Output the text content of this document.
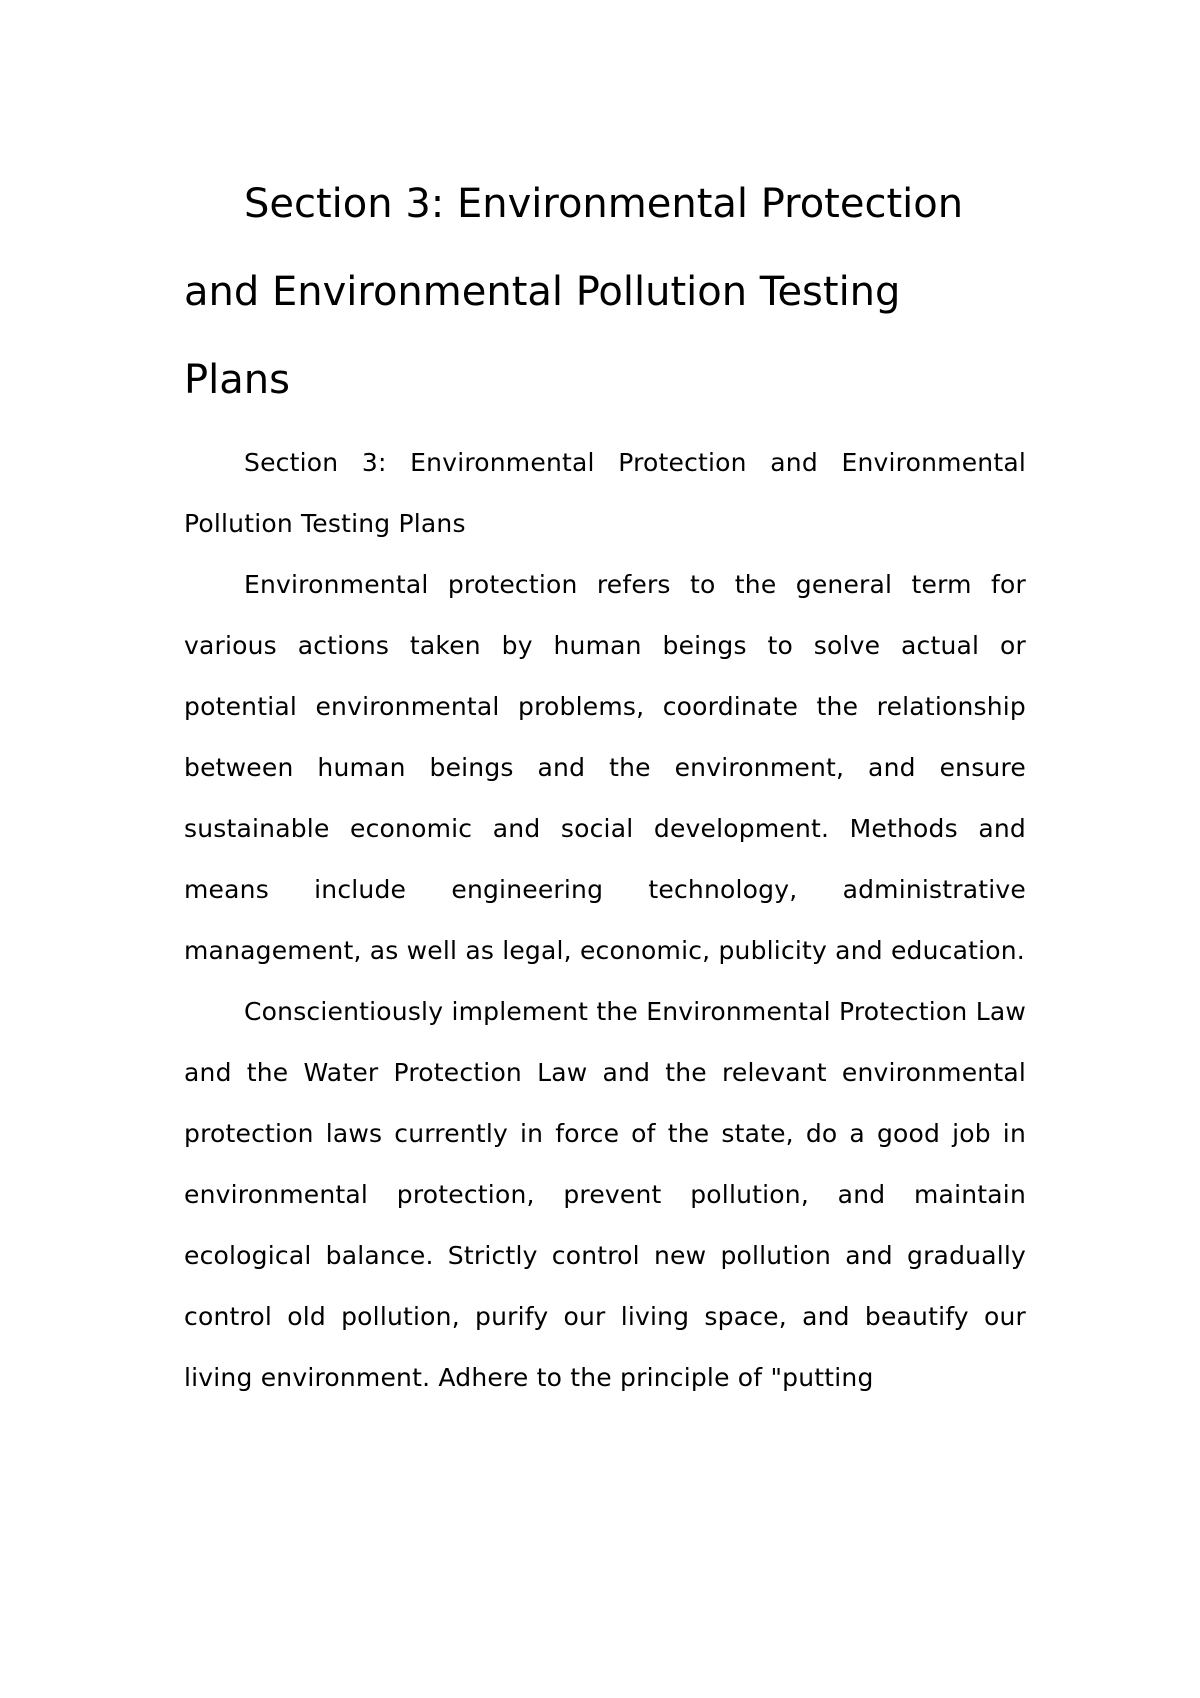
Section 3: Environmental Protection
and Environmental Pollution Testing
Plans

Section 3: Environmental Protection and Environmental Pollution Testing Plans

Environmental protection refers to the general term for various actions taken by human beings to solve actual or potential environmental problems, coordinate the relationship between human beings and the environment, and ensure sustainable economic and social development. Methods and means include engineering technology, administrative management, as well as legal, economic, publicity and education.

Conscientiously implement the Environmental Protection Law and the Water Protection Law and the relevant environmental protection laws currently in force of the state, do a good job in environmental protection, prevent pollution, and maintain ecological balance. Strictly control new pollution and gradually control old pollution, purify our living space, and beautify our living environment. Adhere to the principle of "putting
